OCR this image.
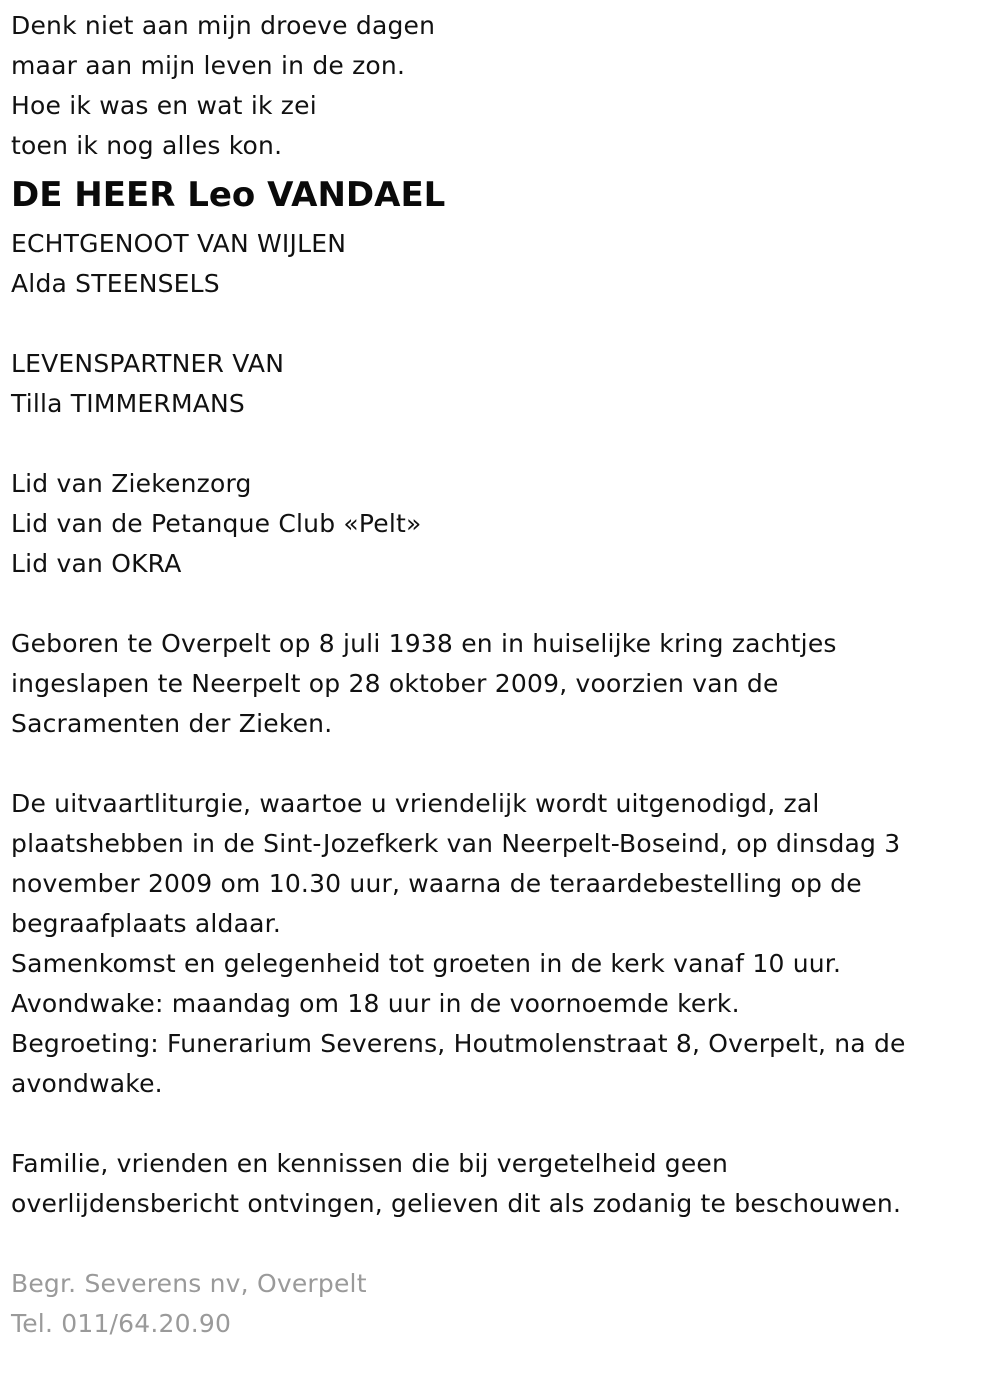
Denk niet aan mijn droeve dagen
maar aan mijn leven in de zon.
Hoe ik was en wat ik zei
toen ik nog alles kon.
DE HEER Leo VANDAEL
ECHTGENOOT VAN WIJLEN
Alda STEENSELS
LEVENSPARTNER VAN
Tilla TIMMERMANS
Lid van Ziekenzorg
Lid van de Petanque Club «Pelt»
Lid van OKRA
Geboren te Overpelt op 8 juli 1938 en in huiselijke kring zachtjes
ingeslapen te Neerpelt op 28 oktober 2009, voorzien van de
Sacramenten der Zieken.
De uitvaartliturgie, waartoe u vriendelijk wordt uitgenodigd, zal
plaatshebben in de Sint-Jozefkerk van Neerpelt-Boseind, op dinsdag 3
november 2009 om 10.30 uur, waarna de teraardebestelling op de
begraafplaats aldaar.
Samenkomst en gelegenheid tot groeten in de kerk vanaf 10 uur.
Avondwake: maandag om 18 uur in de voornoemde kerk.
Begroeting: Funerarium Severens, Houtmolenstraat 8, Overpelt, na de
avondwake.
Familie, vrienden en kennissen die bij vergetelheid geen
overlijdensbericht ontvingen, gelieven dit als zodanig te beschouwen.
Begr. Severens nv, Overpelt
Tel. 011/64.20.90
